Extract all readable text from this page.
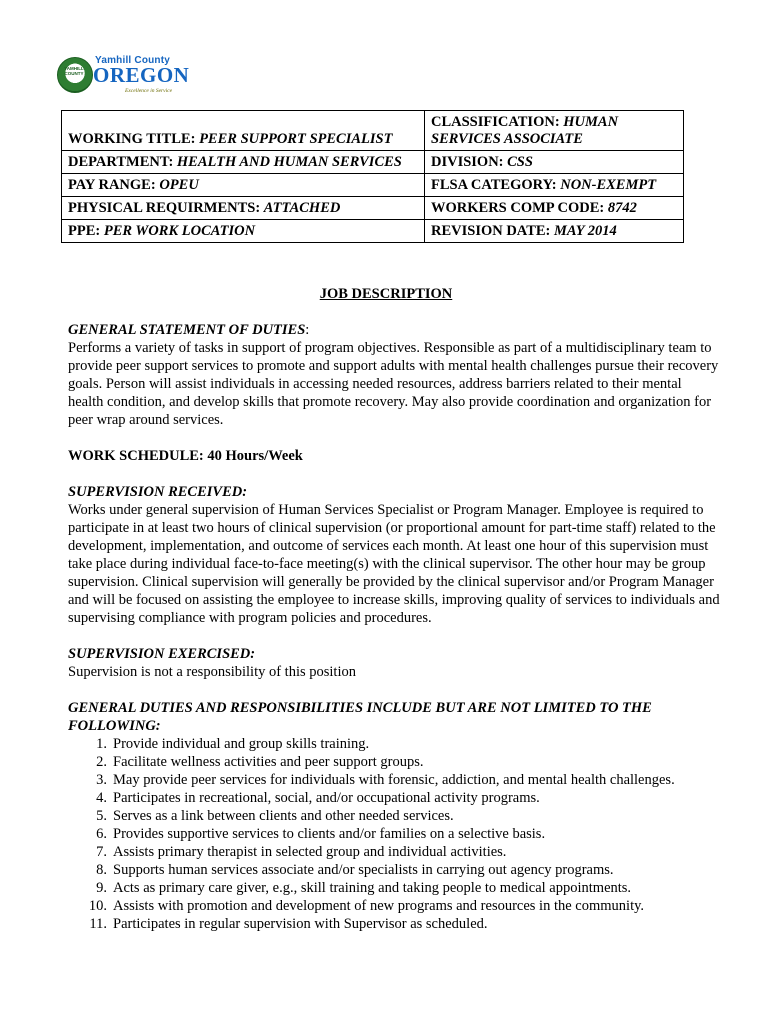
YAMHILL COUNTY
Yamhill County
OREGON
Excellence in Service
WORKING TITLE: PEER SUPPORT SPECIALIST	CLASSIFICATION: HUMAN SERVICES ASSOCIATE
DEPARTMENT: HEALTH AND HUMAN SERVICES	DIVISION: CSS
PAY RANGE: OPEU	FLSA CATEGORY: NON-EXEMPT
PHYSICAL REQUIRMENTS: ATTACHED	WORKERS COMP CODE: 8742
PPE: PER WORK LOCATION	REVISION DATE: MAY 2014

JOB DESCRIPTION

GENERAL STATEMENT OF DUTIES:

Performs a variety of tasks in support of program objectives. Responsible as part of a multidisciplinary team to provide peer support services to promote and support adults with mental health challenges pursue their recovery goals. Person will assist individuals in accessing needed resources, address barriers related to their mental health condition, and develop skills that promote recovery. May also provide coordination and organization for peer wrap around services.

WORK SCHEDULE: 40 Hours/Week

SUPERVISION RECEIVED:

Works under general supervision of Human Services Specialist or Program Manager. Employee is required to participate in at least two hours of clinical supervision (or proportional amount for part-time staff) related to the development, implementation, and outcome of services each month. At least one hour of this supervision must take place during individual face-to-face meeting(s) with the clinical supervisor. The other hour may be group supervision. Clinical supervision will generally be provided by the clinical supervisor and/or Program Manager and will be focused on assisting the employee to increase skills, improving quality of services to individuals and supervising compliance with program policies and procedures.

SUPERVISION EXERCISED:

Supervision is not a responsibility of this position

GENERAL DUTIES AND RESPONSIBILITIES INCLUDE BUT ARE NOT LIMITED TO THE FOLLOWING:

1. Provide individual and group skills training.
2. Facilitate wellness activities and peer support groups.
3. May provide peer services for individuals with forensic, addiction, and mental health challenges.
4. Participates in recreational, social, and/or occupational activity programs.
5. Serves as a link between clients and other needed services.
6. Provides supportive services to clients and/or families on a selective basis.
7. Assists primary therapist in selected group and individual activities.
8. Supports human services associate and/or specialists in carrying out agency programs.
9. Acts as primary care giver, e.g., skill training and taking people to medical appointments.
10. Assists with promotion and development of new programs and resources in the community.
11. Participates in regular supervision with Supervisor as scheduled.
